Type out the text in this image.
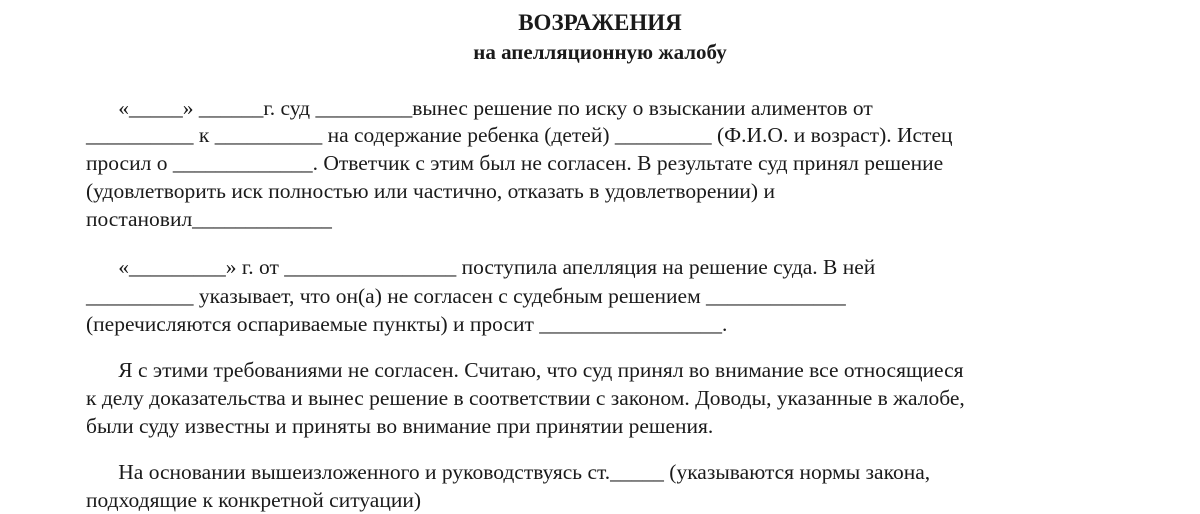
ВОЗРАЖЕНИЯ
на апелляционную жалобу
«_____» ______г. суд _________вынес решение по иску о взыскании алиментов от
__________ к __________ на содержание ребенка (детей) _________ (Ф.И.О. и возраст). Истец
просил о _____________. Ответчик с этим был не согласен. В результате суд принял решение
(удовлетворить иск полностью или частично, отказать в удовлетворении) и
постановил_____________
«_________» г. от ________________ поступила апелляция на решение суда. В ней
__________ указывает, что он(а) не согласен с судебным решением _____________
(перечисляются оспариваемые пункты) и просит _________________.
Я с этими требованиями не согласен. Считаю, что суд принял во внимание все относящиеся
к делу доказательства и вынес решение в соответствии с законом. Доводы, указанные в жалобе,
были суду известны и приняты во внимание при принятии решения.
На основании вышеизложенного и руководствуясь ст._____ (указываются нормы закона,
подходящие к конкретной ситуации)
